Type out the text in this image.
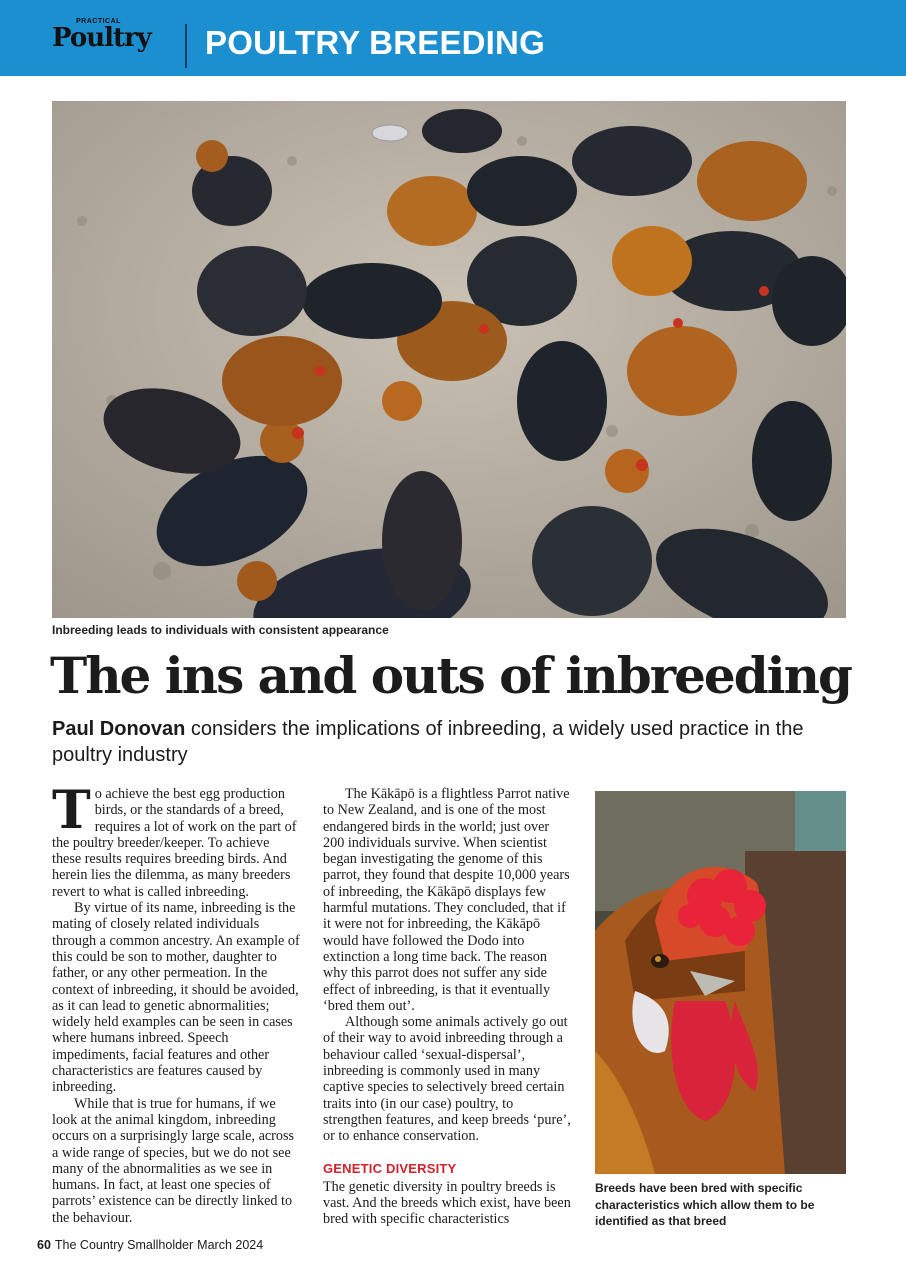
PRACTICAL
Poultry POULTRY BREEDING
Inbreeding leads to individuals with consistent appearance
The ins and outs of inbreeding
Paul Donovan considers the implications of inbreeding, a widely used practice in the poultry industry

To achieve the best egg production birds, or the standards of a breed, requires a lot of work on the part of the poultry breeder/keeper. To achieve these results requires breeding birds. And herein lies the dilemma, as many breeders revert to what is called inbreeding.

By virtue of its name, inbreeding is the mating of closely related individuals through a common ancestry. An example of this could be son to mother, daughter to father, or any other permeation. In the context of inbreeding, it should be avoided, as it can lead to genetic abnormalities; widely held examples can be seen in cases where humans inbreed. Speech impediments, facial features and other characteristics are features caused by inbreeding.

While that is true for humans, if we look at the animal kingdom, inbreeding occurs on a surprisingly large scale, across a wide range of species, but we do not see many of the abnormalities as we see in humans. In fact, at least one species of parrots’ existence can be directly linked to the behaviour.

The Kākāpō is a flightless Parrot native to New Zealand, and is one of the most endangered birds in the world; just over 200 individuals survive. When scientist began investigating the genome of this parrot, they found that despite 10,000 years of inbreeding, the Kākāpō displays few harmful mutations. They concluded, that if it were not for inbreeding, the Kākāpō would have followed the Dodo into extinction a long time back. The reason why this parrot does not suffer any side effect of inbreeding, is that it eventually ‘bred them out’.

Although some animals actively go out of their way to avoid inbreeding through a behaviour called ‘sexual-dispersal’, inbreeding is commonly used in many captive species to selectively breed certain traits into (in our case) poultry, to strengthen features, and keep breeds ‘pure’, or to enhance conservation.

GENETIC DIVERSITY

The genetic diversity in poultry breeds is vast. And the breeds which exist, have been bred with specific characteristics

Breeds have been bred with specific characteristics which allow them to be identified as that breed
60 The Country Smallholder March 2024
